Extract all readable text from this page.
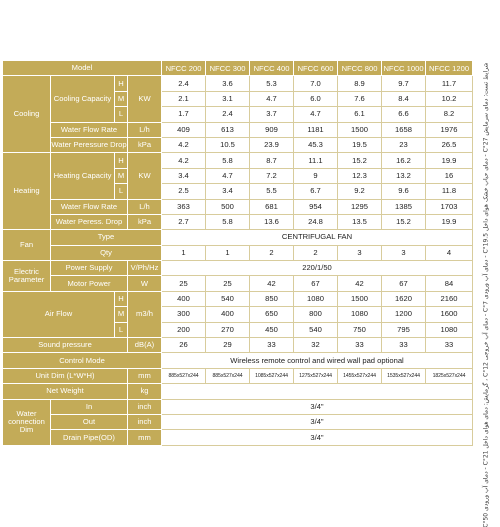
Model				NFCC 200	NFCC 300	NFCC 400	NFCC 600	NFCC 800	NFCC 1000	NFCC 1200
Cooling	Cooling Capacity	H	KW	2.4	3.6	5.3	7.0	8.9	9.7	11.7
		M		2.1	3.1	4.7	6.0	7.6	8.4	10.2
		L		1.7	2.4	3.7	4.7	6.1	6.6	8.2
	Water Flow Rate		L/h	409	613	909	1181	1500	1658	1976
	Water Peressure Drop		kPa	4.2	10.5	23.9	45.3	19.5	23	26.5
Heating	Heating Capacity	H	KW	4.2	5.8	8.7	11.1	15.2	16.2	19.9
		M		3.4	4.7	7.2	9	12.3	13.2	16
		L		2.5	3.4	5.5	6.7	9.2	9.6	11.8
	Water Flow Rate		L/h	363	500	681	954	1295	1385	1703
	Water Peress. Drop		kPa	2.7	5.8	13.6	24.8	13.5	15.2	19.9
Fan	Type			CENTRIFUGAL FAN						
	Qty			1	1	2	2	3	3	4
Electric Parameter	Power Supply		V/Ph/Hz	220/1/50						
	Motor Power		W	25	25	42	67	42	67	84
Air Flow		H	m3/h	400	540	850	1080	1500	1620	2160
		M		300	400	650	800	1080	1200	1600
		L		200	270	450	540	750	795	1080
Sound pressure			dB(A)	26	29	33	32	33	33	33
Control Mode				Wireless remote control and wired wall pad optional						
Unit Dim (L*W*H)			mm	885x527x244	885x527x244	1085x527x244	1275x527x244	1455x527x244	1535x527x244	1825x527x244
Net Weight			kg							
Water connection Dim	In		inch	3/4"						
	Out		inch	3/4"						
	Drain Pipe(OD)		mm	3/4"						
شرایط تست: دمای سرمایش 27°C - دمای حباب خشک هوای داخل 19.5°C - دمای آب ورودی 7°C - دمای آب خروجی 12°C ، گرمایش: دمای هوای داخل 21°C - دمای آب ورودی 50°C
